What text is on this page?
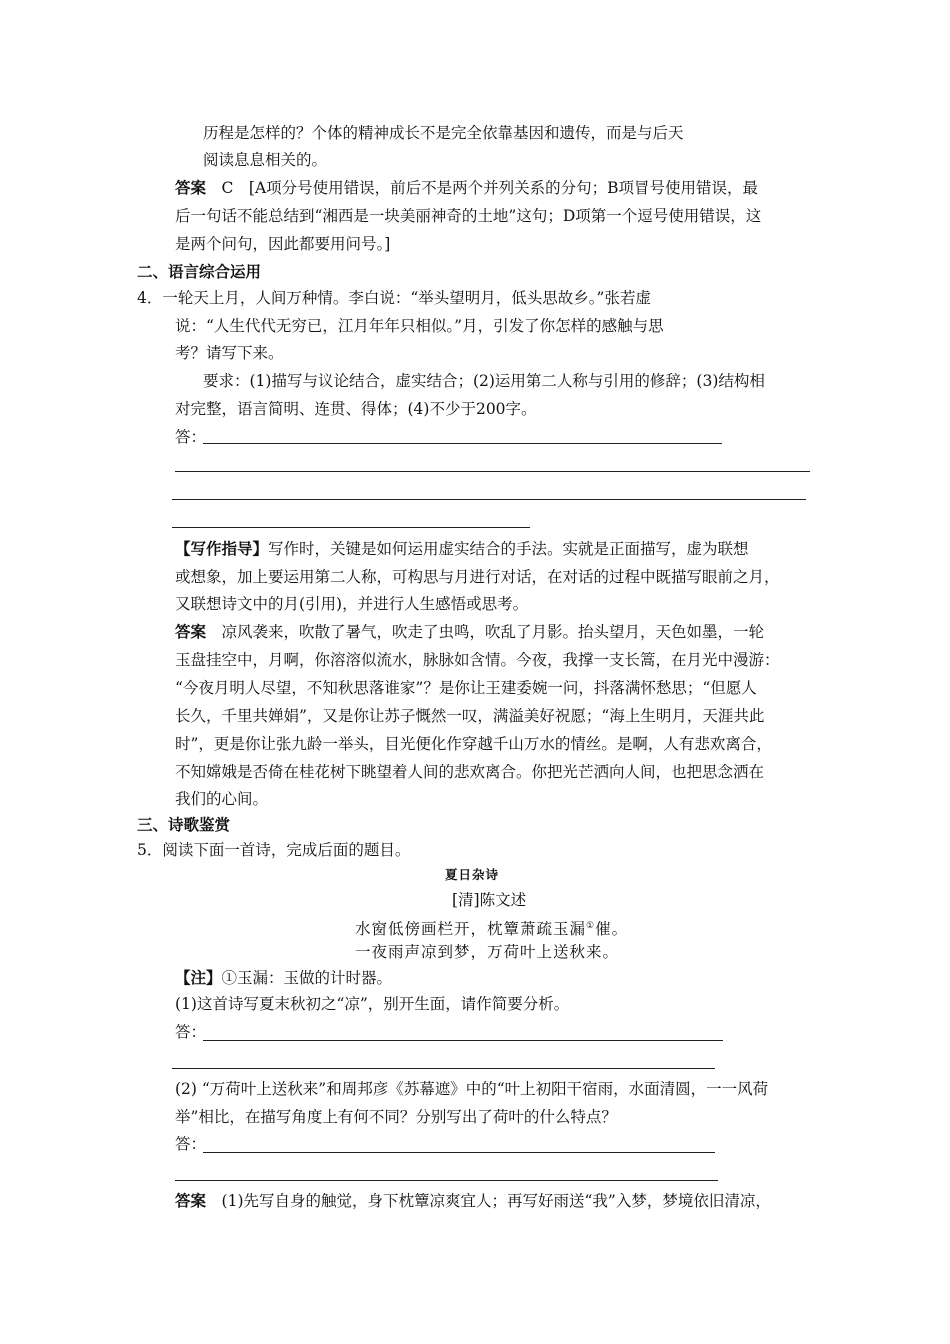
历程是怎样的？个体的精神成长不是完全依靠基因和遗传，而是与后天
阅读息息相关的。
答案　 C　[A项分号使用错误，前后不是两个并列关系的分句；B项冒号使用错误，最
后一句话不能总结到“湘西是一块美丽神奇的土地”这句；D项第一个逗号使用错误，这
是两个问句，因此都要用问号。]
二、语言综合运用
4．一轮天上月，人间万种情。李白说：“举头望明月，低头思故乡。”张若虚
说：“人生代代无穷已，江月年年只相似。”月，引发了你怎样的感触与思
考？请写下来。
要求：(1)描写与议论结合，虚实结合；(2)运用第二人称与引用的修辞；(3)结构相
对完整，语言简明、连贯、得体；(4)不少于200字。
答：
【写作指导】写作时，关键是如何运用虚实结合的手法。实就是正面描写，虚为联想
或想象，加上要运用第二人称，可构思与月进行对话，在对话的过程中既描写眼前之月，
又联想诗文中的月(引用)，并进行人生感悟或思考。
答案　 凉风袭来，吹散了暑气，吹走了虫鸣，吹乱了月影。抬头望月，天色如墨，一轮
玉盘挂空中，月啊，你溶溶似流水，脉脉如含情。今夜，我撑一支长篙，在月光中漫游：
“今夜月明人尽望，不知秋思落谁家”？是你让王建委婉一问，抖落满怀愁思；“但愿人
长久，千里共婵娟”，又是你让苏子慨然一叹，满溢美好祝愿；“海上生明月，天涯共此
时”，更是你让张九龄一举头，目光便化作穿越千山万水的情丝。是啊，人有悲欢离合，
不知嫦娥是否倚在桂花树下眺望着人间的悲欢离合。你把光芒洒向人间，也把思念洒在
我们的心间。
三、诗歌鉴赏
5．阅读下面一首诗，完成后面的题目。
夏日杂诗
[清]陈文述
水窗低傍画栏开，枕簟萧疏玉漏①催。
一夜雨声凉到梦，万荷叶上送秋来。
【注】①玉漏：玉做的计时器。
(1)这首诗写夏末秋初之“凉”，别开生面，请作简要分析。
答：
(2) “万荷叶上送秋来”和周邦彦《苏幕遮》中的“叶上初阳干宿雨，水面清圆，一一风荷
举”相比，在描写角度上有何不同？分别写出了荷叶的什么特点？
答：
答案　 (1)先写自身的触觉，身下枕簟凉爽宜人；再写好雨送“我”入梦，梦境依旧清凉，
